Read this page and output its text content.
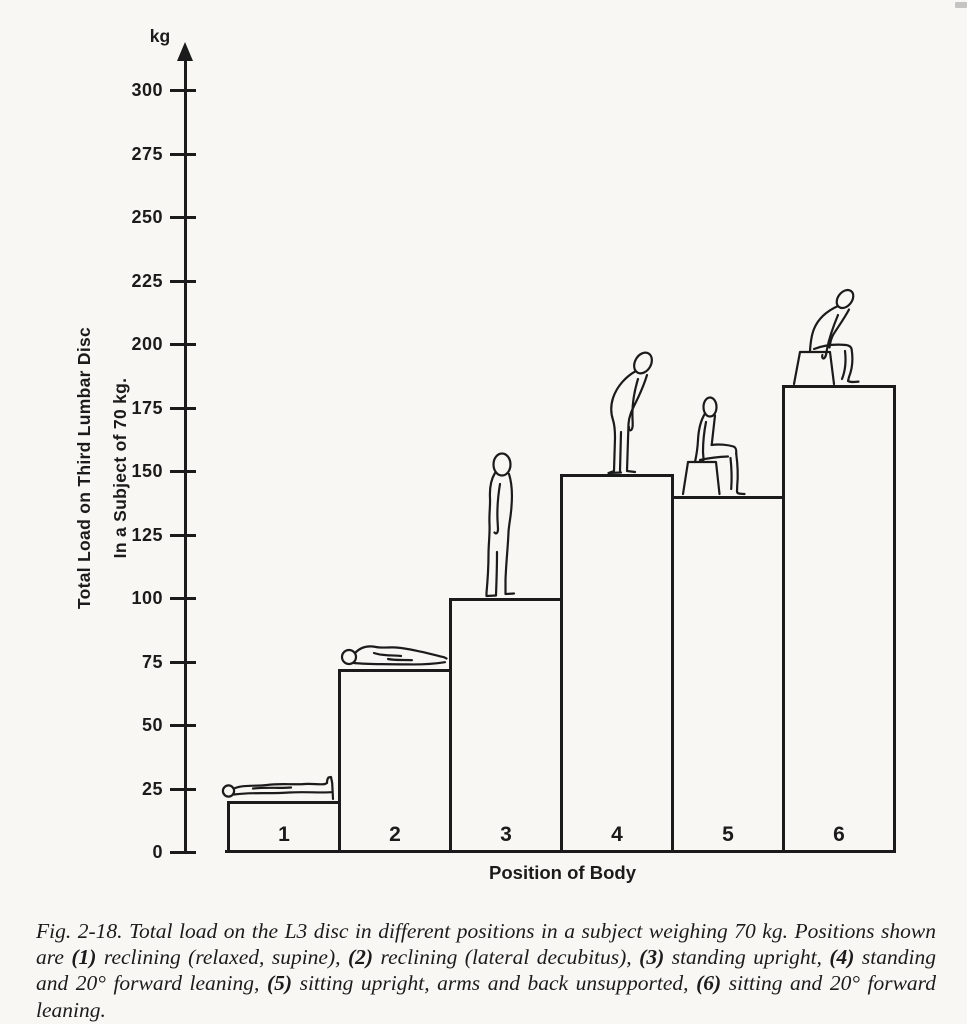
kg
0
25
50
75
100
125
150
175
200
225
250
275
300
Total Load on Third Lumbar Disc In a Subject of 70 kg.
Position of Body
1	2	3	4	5	6

Fig. 2-18. Total load on the L3 disc in different positions in a subject weighing 70 kg. Positions shown are (1) reclining (relaxed, supine), (2) reclining (lateral decubitus), (3) standing upright, (4) standing and 20° forward leaning, (5) sitting upright, arms and back unsupported, (6) sitting and 20° forward leaning.
